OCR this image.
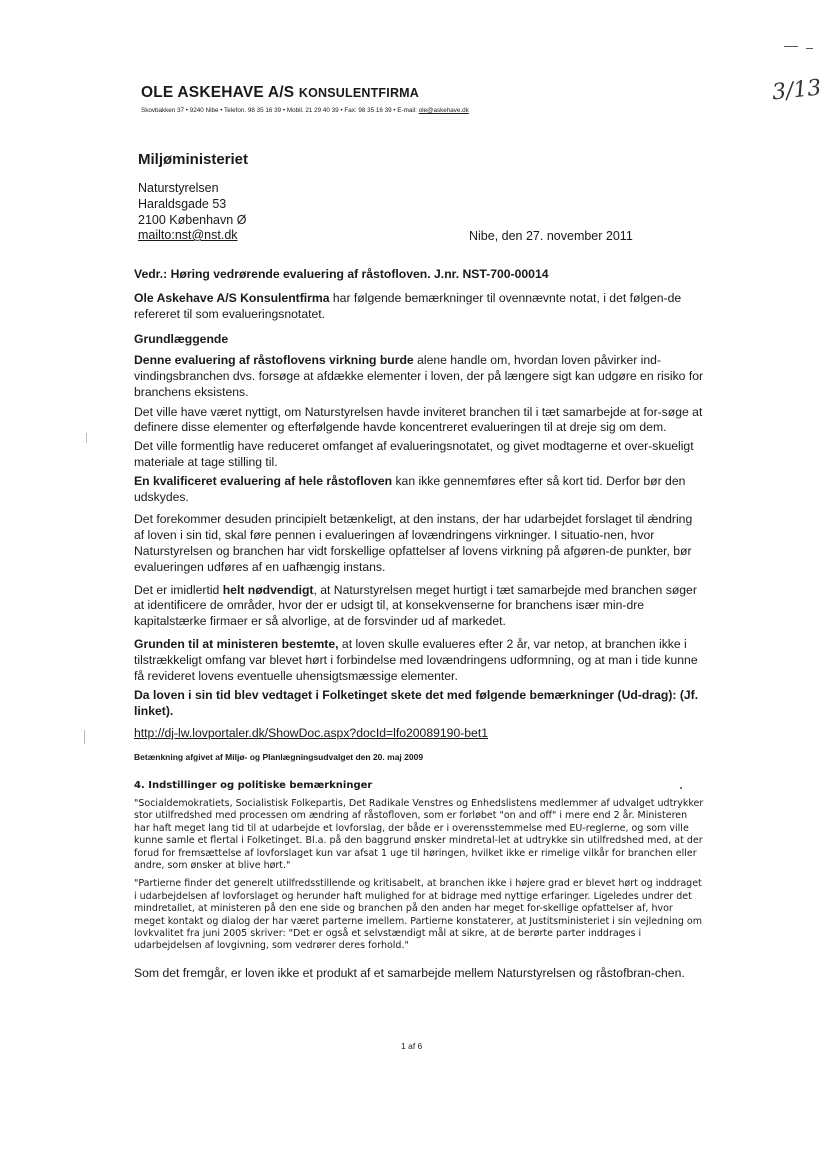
OLE ASKEHAVE A/S KONSULENTFIRMA
Skovbakken 37 • 9240 Nibe • Telefon. 98 35 16 39 • Mobil. 21 29 40 39 • Fax: 98 35 16 39 • E-mail: ole@askehave.dk
3/13
Miljøministeriet
Naturstyrelsen
Haraldsgade 53
2100 København Ø
mailto:nst@nst.dk	Nibe, den 27. november 2011

Vedr.: Høring vedrørende evaluering af råstofloven. J.nr. NST-700-00014

Ole Askehave A/S Konsulentfirma har følgende bemærkninger til ovennævnte notat, i det følgen-de refereret til som evalueringsnotatet.

Grundlæggende

Denne evaluering af råstoflovens virkning burde alene handle om, hvordan loven påvirker ind-vindingsbranchen dvs. forsøge at afdække elementer i loven, der på længere sigt kan udgøre en risiko for branchens eksistens.

Det ville have været nyttigt, om Naturstyrelsen havde inviteret branchen til i tæt samarbejde at for-søge at definere disse elementer og efterfølgende havde koncentreret evalueringen til at dreje sig om dem.

Det ville formentlig have reduceret omfanget af evalueringsnotatet, og givet modtagerne et over-skueligt materiale at tage stilling til.

En kvalificeret evaluering af hele råstofloven kan ikke gennemføres efter så kort tid. Derfor bør den udskydes.

Det forekommer desuden principielt betænkeligt, at den instans, der har udarbejdet forslaget til ændring af loven i sin tid, skal føre pennen i evalueringen af lovændringens virkninger. I situatio-nen, hvor Naturstyrelsen og branchen har vidt forskellige opfattelser af lovens virkning på afgøren-de punkter, bør evalueringen udføres af en uafhængig instans.

Det er imidlertid helt nødvendigt, at Naturstyrelsen meget hurtigt i tæt samarbejde med branchen søger at identificere de områder, hvor der er udsigt til, at konsekvenserne for branchens især min-dre kapitalstærke firmaer er så alvorlige, at de forsvinder ud af markedet.

Grunden til at ministeren bestemte, at loven skulle evalueres efter 2 år, var netop, at branchen ikke i tilstrækkeligt omfang var blevet hørt i forbindelse med lovændringens udformning, og at man i tide kunne få revideret lovens eventuelle uhensigtsmæssige elementer.

Da loven i sin tid blev vedtaget i Folketinget skete det med følgende bemærkninger (Ud-drag): (Jf. linket).

http://dj-lw.lovportaler.dk/ShowDoc.aspx?docId=lfo20089190-bet1

Betænkning afgivet af Miljø- og Planlægningsudvalget den 20. maj 2009
4. Indstillinger og politiske bemærkninger

"Socialdemokratiets, Socialistisk Folkepartis, Det Radikale Venstres og Enhedslistens medlemmer af udvalget udtrykker stor utilfredshed med processen om ændring af råstofloven, som er forløbet "on and off" i mere end 2 år. Ministeren har haft meget lang tid til at udarbejde et lovforslag, der både er i overensstemmelse med EU-reglerne, og som ville kunne samle et flertal i Folketinget. Bl.a. på den baggrund ønsker mindretal-let at udtrykke sin utilfredshed med, at der forud for fremsættelse af lovforslaget kun var afsat 1 uge til høringen, hvilket ikke er rimelige vilkår for branchen eller andre, som ønsker at blive hørt."

"Partierne finder det generelt utilfredsstillende og kritisabelt, at branchen ikke i højere grad er blevet hørt og inddraget i udarbejdelsen af lovforslaget og herunder haft mulighed for at bidrage med nyttige erfaringer. Ligeledes undrer det mindretallet, at ministeren på den ene side og branchen på den anden har meget for-skellige opfattelser af, hvor meget kontakt og dialog der har været parterne imellem. Partierne konstaterer, at Justitsministeriet i sin vejledning om lovkvalitet fra juni 2005 skriver: "Det er også et selvstændigt mål at sikre, at de berørte parter inddrages i udarbejdelsen af lovgivning, som vedrører deres forhold."

Som det fremgår, er loven ikke et produkt af et samarbejde mellem Naturstyrelsen og råstofbran-chen.
1 af 6
